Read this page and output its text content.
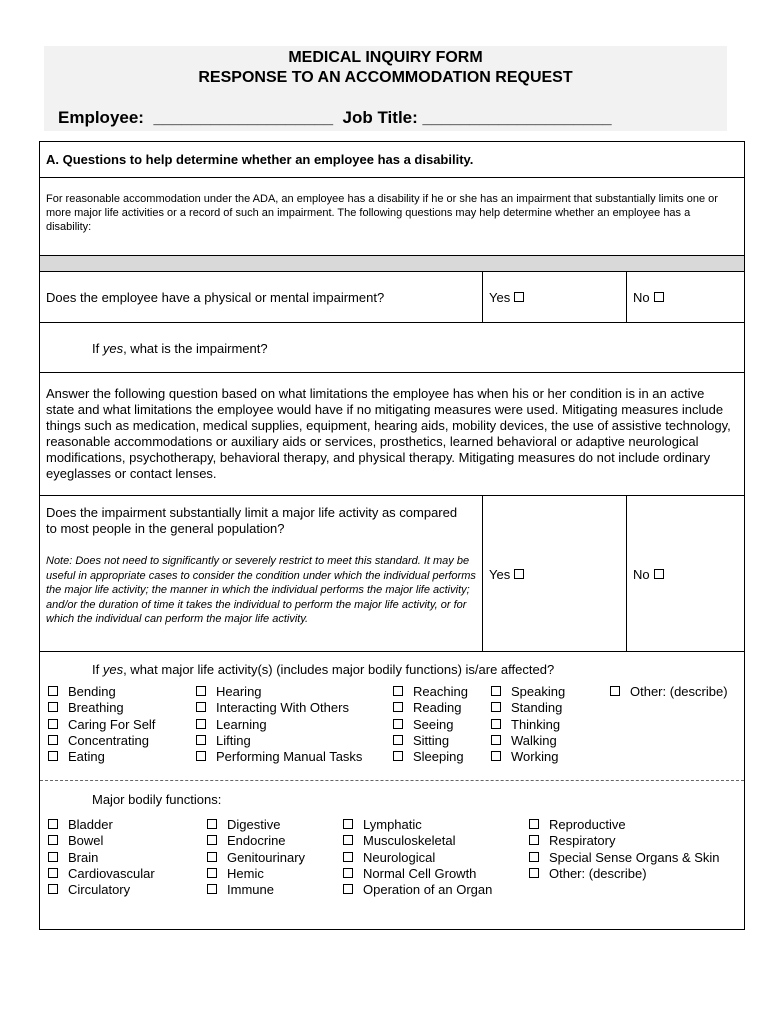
MEDICAL INQUIRY FORM
RESPONSE TO AN ACCOMMODATION REQUEST
Employee: ___________________ Job Title: ____________________
A. Questions to help determine whether an employee has a disability.
For reasonable accommodation under the ADA, an employee has a disability if he or she has an impairment that substantially limits one or more major life activities or a record of such an impairment. The following questions may help determine whether an employee has a disability:
Does the employee have a physical or mental impairment?	Yes	No
If yes, what is the impairment?
Answer the following question based on what limitations the employee has when his or her condition is in an active state and what limitations the employee would have if no mitigating measures were used. Mitigating measures include things such as medication, medical supplies, equipment, hearing aids, mobility devices, the use of assistive technology, reasonable accommodations or auxiliary aids or services, prosthetics, learned behavioral or adaptive neurological modifications, psychotherapy, behavioral therapy, and physical therapy. Mitigating measures do not include ordinary eyeglasses or contact lenses.
Does the impairment substantially limit a major life activity as compared to most people in the general population?
Note: Does not need to significantly or severely restrict to meet this standard. It may be useful in appropriate cases to consider the condition under which the individual performs the major life activity; the manner in which the individual performs the major life activity; and/or the duration of time it takes the individual to perform the major life activity, or for which the individual can perform the major life activity.
Yes	No
If yes, what major life activity(s) (includes major bodily functions) is/are affected?
Bending
Breathing
Caring For Self
Concentrating
Eating
Hearing
Interacting With Others
Learning
Lifting
Performing Manual Tasks
Reaching
Reading
Seeing
Sitting
Sleeping
Speaking
Standing
Thinking
Walking
Working
Other: (describe)
Major bodily functions:
Bladder
Bowel
Brain
Cardiovascular
Circulatory
Digestive
Endocrine
Genitourinary
Hemic
Immune
Lymphatic
Musculoskeletal
Neurological
Normal Cell Growth
Operation of an Organ
Reproductive
Respiratory
Special Sense Organs & Skin
Other: (describe)
